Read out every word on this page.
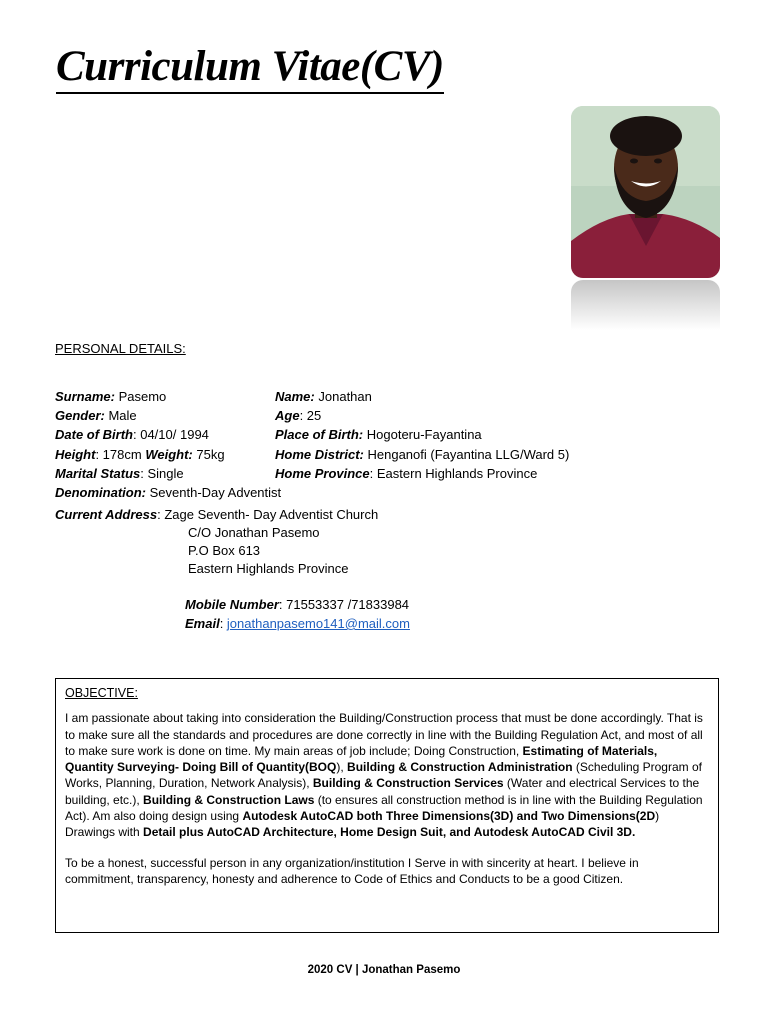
Curriculum Vitae(CV)
PERSONAL DETAILS:
Surname: Pasemo	Name: Jonathan
Gender: Male	Age: 25
Date of Birth: 04/10/ 1994	Place of Birth: Hogoteru-Fayantina
Height: 178cm Weight: 75kg	Home District: Henganofi (Fayantina LLG/Ward 5)
Marital Status: Single	Home Province: Eastern Highlands Province
Denomination: Seventh-Day Adventist
Current Address: Zage Seventh- Day Adventist Church
C/O Jonathan Pasemo
P.O Box 613
Eastern Highlands Province
Mobile Number: 71553337 /71833984
Email: jonathanpasemo141@mail.com
OBJECTIVE:

I am passionate about taking into consideration the Building/Construction process that must be done accordingly. That is to make sure all the standards and procedures are done correctly in line with the Building Regulation Act, and most of all to make sure work is done on time. My main areas of job include; Doing Construction, Estimating of Materials, Quantity Surveying- Doing Bill of Quantity(BOQ), Building & Construction Administration (Scheduling Program of Works, Planning, Duration, Network Analysis), Building & Construction Services (Water and electrical Services to the building, etc.), Building & Construction Laws (to ensures all construction method is in line with the Building Regulation Act). Am also doing design using Autodesk AutoCAD both Three Dimensions(3D) and Two Dimensions(2D) Drawings with Detail plus AutoCAD Architecture, Home Design Suit, and Autodesk AutoCAD Civil 3D.

To be a honest, successful person in any organization/institution I Serve in with sincerity at heart. I believe in commitment, transparency, honesty and adherence to Code of Ethics and Conducts to be a good Citizen.

2020 CV | Jonathan Pasemo
